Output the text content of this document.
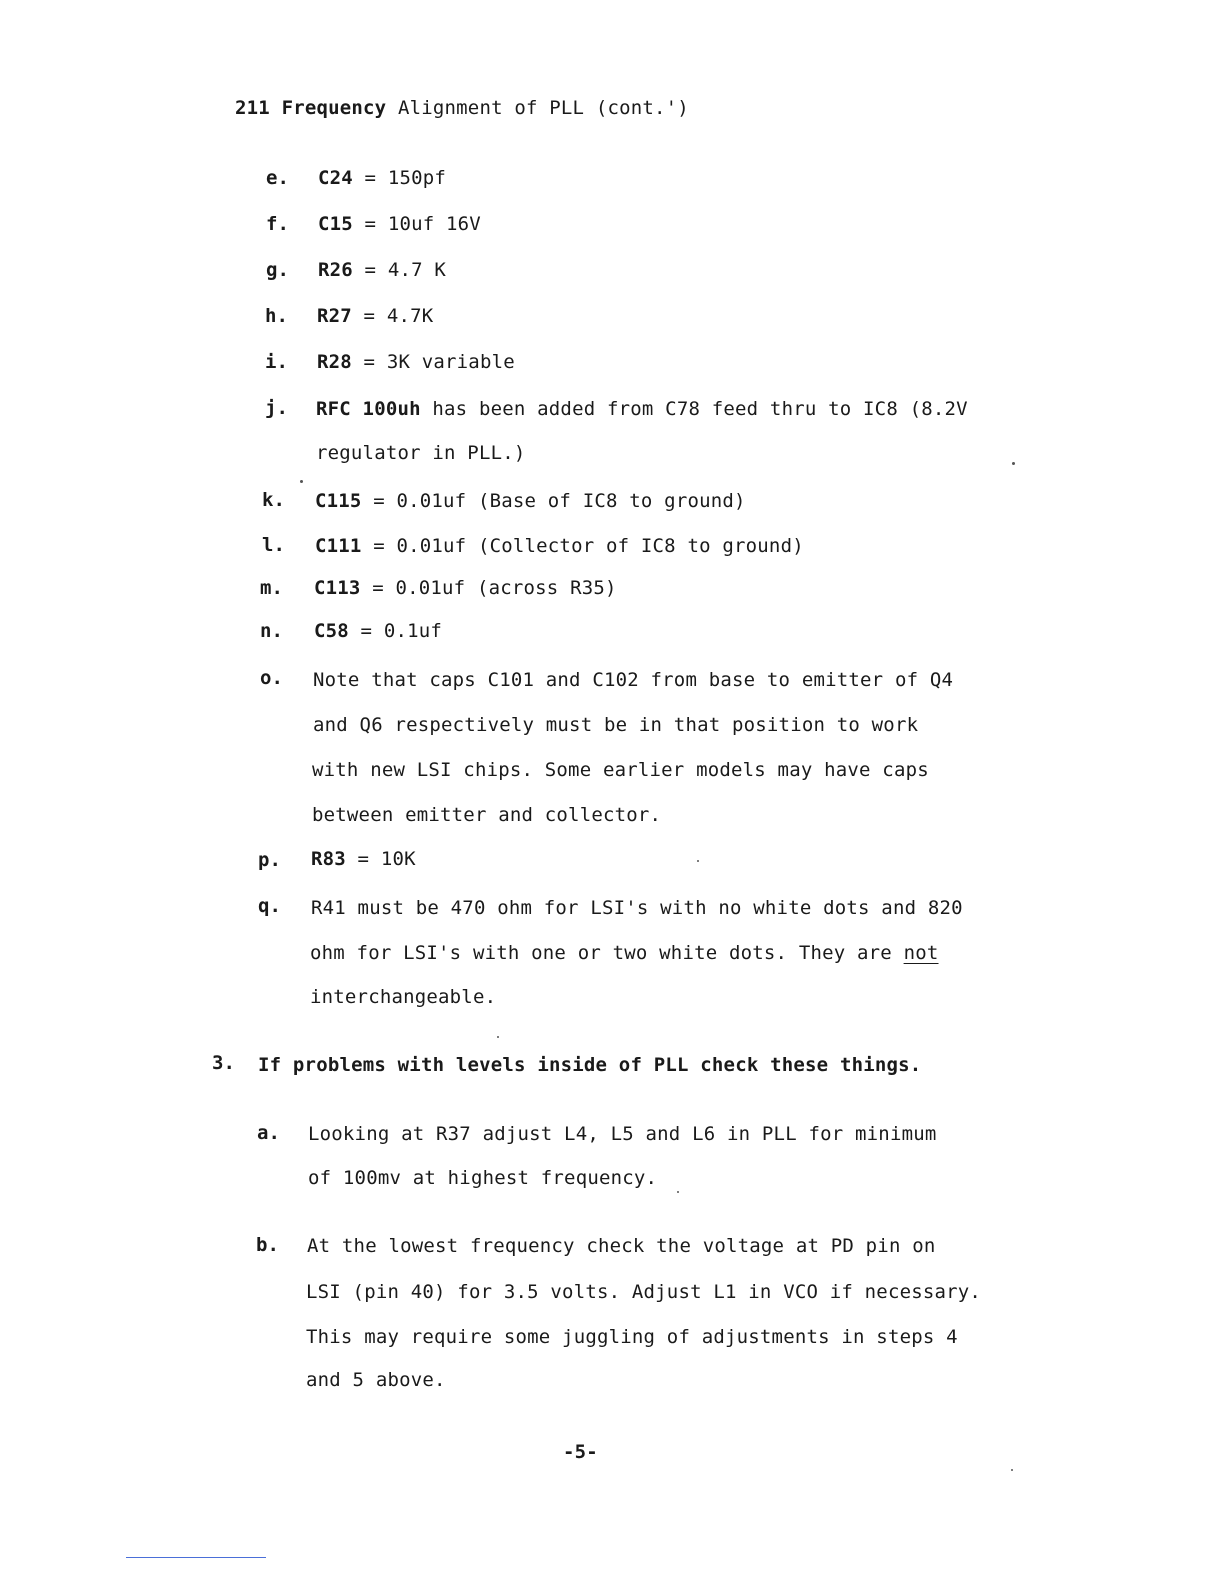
211 Frequency Alignment of PLL (cont.')
e. C24 = 150pf
f. C15 = 10uf 16V
g. R26 = 4.7 K
h. R27 = 4.7K
i. R28 = 3K variable
j. RFC 100uh has been added from C78 feed thru to IC8 (8.2V
regulator in PLL.)
k. C115 = 0.01uf (Base of IC8 to ground)
l. C111 = 0.01uf (Collector of IC8 to ground)
m. C113 = 0.01uf (across R35)
n. C58 = 0.1uf
o. Note that caps C101 and C102 from base to emitter of Q4
and Q6 respectively must be in that position to work
with new LSI chips. Some earlier models may have caps
between emitter and collector.
p. R83 = 10K
q. R41 must be 470 ohm for LSI's with no white dots and 820
ohm for LSI's with one or two white dots. They are not
interchangeable.
3. If problems with levels inside of PLL check these things.
a. Looking at R37 adjust L4, L5 and L6 in PLL for minimum
of 100mv at highest frequency.
b. At the lowest frequency check the voltage at PD pin on
LSI (pin 40) for 3.5 volts. Adjust L1 in VCO if necessary.
This may require some juggling of adjustments in steps 4
and 5 above.
-5-
